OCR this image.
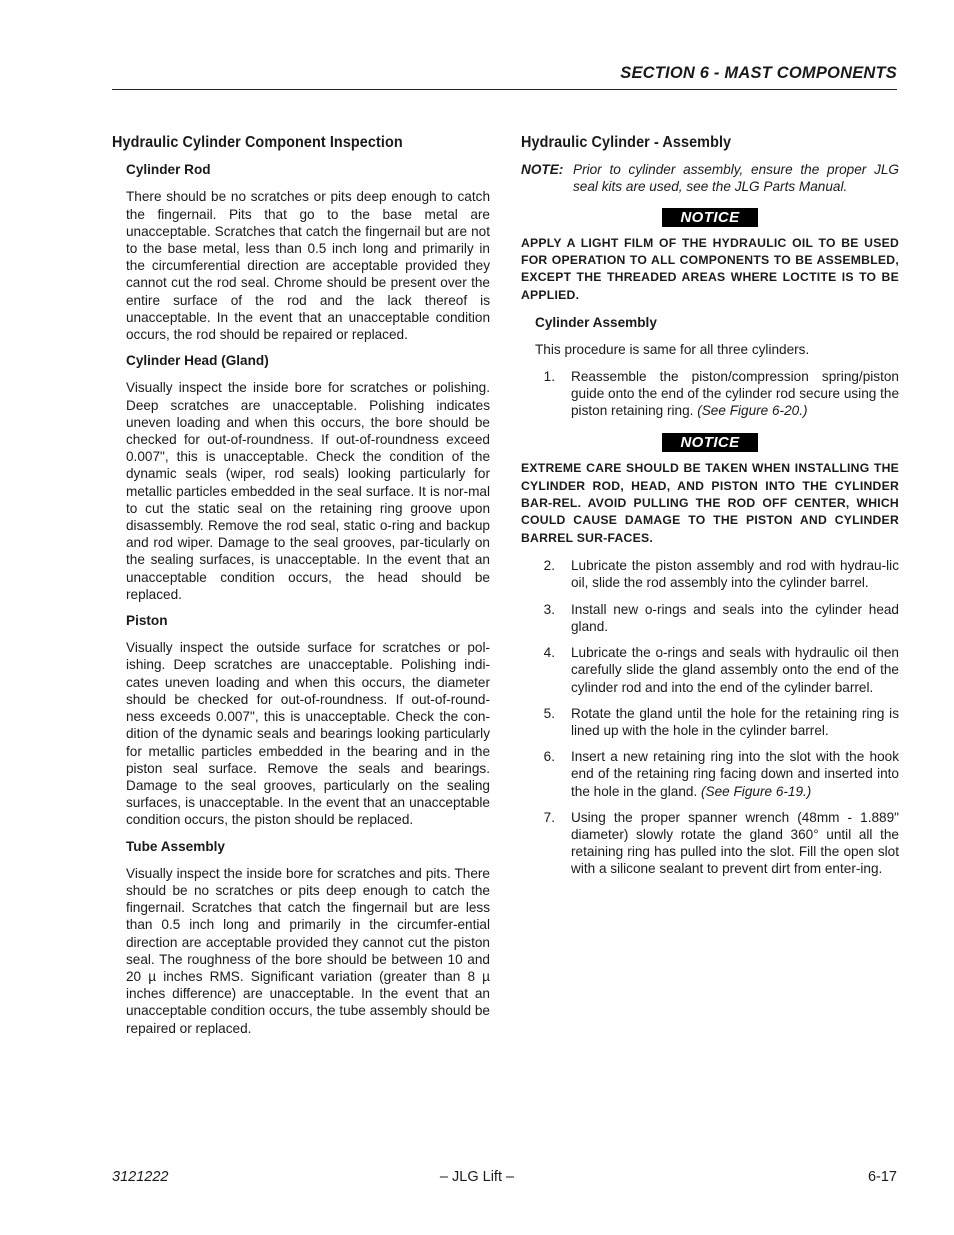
SECTION 6 - MAST COMPONENTS
Hydraulic Cylinder Component Inspection
Cylinder Rod
There should be no scratches or pits deep enough to catch the fingernail. Pits that go to the base metal are unacceptable. Scratches that catch the fingernail but are not to the base metal, less than 0.5 inch long and primarily in the circumferential direction are acceptable provided they cannot cut the rod seal. Chrome should be present over the entire surface of the rod and the lack thereof is unacceptable. In the event that an unacceptable condition occurs, the rod should be repaired or replaced.
Cylinder Head (Gland)
Visually inspect the inside bore for scratches or polishing. Deep scratches are unacceptable. Polishing indicates uneven loading and when this occurs, the bore should be checked for out-of-roundness. If out-of-roundness exceed 0.007", this is unacceptable. Check the condition of the dynamic seals (wiper, rod seals) looking particularly for metallic particles embedded in the seal surface. It is nor-mal to cut the static seal on the retaining ring groove upon disassembly. Remove the rod seal, static o-ring and backup and rod wiper. Damage to the seal grooves, par-ticularly on the sealing surfaces, is unacceptable. In the event that an unacceptable condition occurs, the head should be replaced.
Piston
Visually inspect the outside surface for scratches or pol-ishing. Deep scratches are unacceptable. Polishing indi-cates uneven loading and when this occurs, the diameter should be checked for out-of-roundness. If out-of-round-ness exceeds 0.007", this is unacceptable. Check the con-dition of the dynamic seals and bearings looking particularly for metallic particles embedded in the bearing and in the piston seal surface. Remove the seals and bearings. Damage to the seal grooves, particularly on the sealing surfaces, is unacceptable. In the event that an unacceptable condition occurs, the piston should be replaced.
Tube Assembly
Visually inspect the inside bore for scratches and pits. There should be no scratches or pits deep enough to catch the fingernail. Scratches that catch the fingernail but are less than 0.5 inch long and primarily in the circumfer-ential direction are acceptable provided they cannot cut the piston seal. The roughness of the bore should be between 10 and 20 µ inches RMS. Significant variation (greater than 8 µ inches difference) are unacceptable. In the event that an unacceptable condition occurs, the tube assembly should be repaired or replaced.
Hydraulic Cylinder - Assembly
NOTE: Prior to cylinder assembly, ensure the proper JLG seal kits are used, see the JLG Parts Manual.
NOTICE
APPLY A LIGHT FILM OF THE HYDRAULIC OIL TO BE USED FOR OPERATION TO ALL COMPONENTS TO BE ASSEMBLED, EXCEPT THE THREADED AREAS WHERE LOCTITE IS TO BE APPLIED.
Cylinder Assembly
This procedure is same for all three cylinders.
1.	Reassemble the piston/compression spring/piston guide onto the end of the cylinder rod secure using the piston retaining ring. (See Figure 6-20.)
NOTICE
EXTREME CARE SHOULD BE TAKEN WHEN INSTALLING THE CYLINDER ROD, HEAD, AND PISTON INTO THE CYLINDER BAR-REL. AVOID PULLING THE ROD OFF CENTER, WHICH COULD CAUSE DAMAGE TO THE PISTON AND CYLINDER BARREL SUR-FACES.
2.	Lubricate the piston assembly and rod with hydrau-lic oil, slide the rod assembly into the cylinder barrel.
3.	Install new o-rings and seals into the cylinder head gland.
4.	Lubricate the o-rings and seals with hydraulic oil then carefully slide the gland assembly onto the end of the cylinder rod and into the end of the cylinder barrel.
5.	Rotate the gland until the hole for the retaining ring is lined up with the hole in the cylinder barrel.
6.	Insert a new retaining ring into the slot with the hook end of the retaining ring facing down and inserted into the hole in the gland. (See Figure 6-19.)
7.	Using the proper spanner wrench (48mm - 1.889" diameter) slowly rotate the gland 360° until all the retaining ring has pulled into the slot. Fill the open slot with a silicone sealant to prevent dirt from enter-ing.
3121222	– JLG Lift –	6-17
